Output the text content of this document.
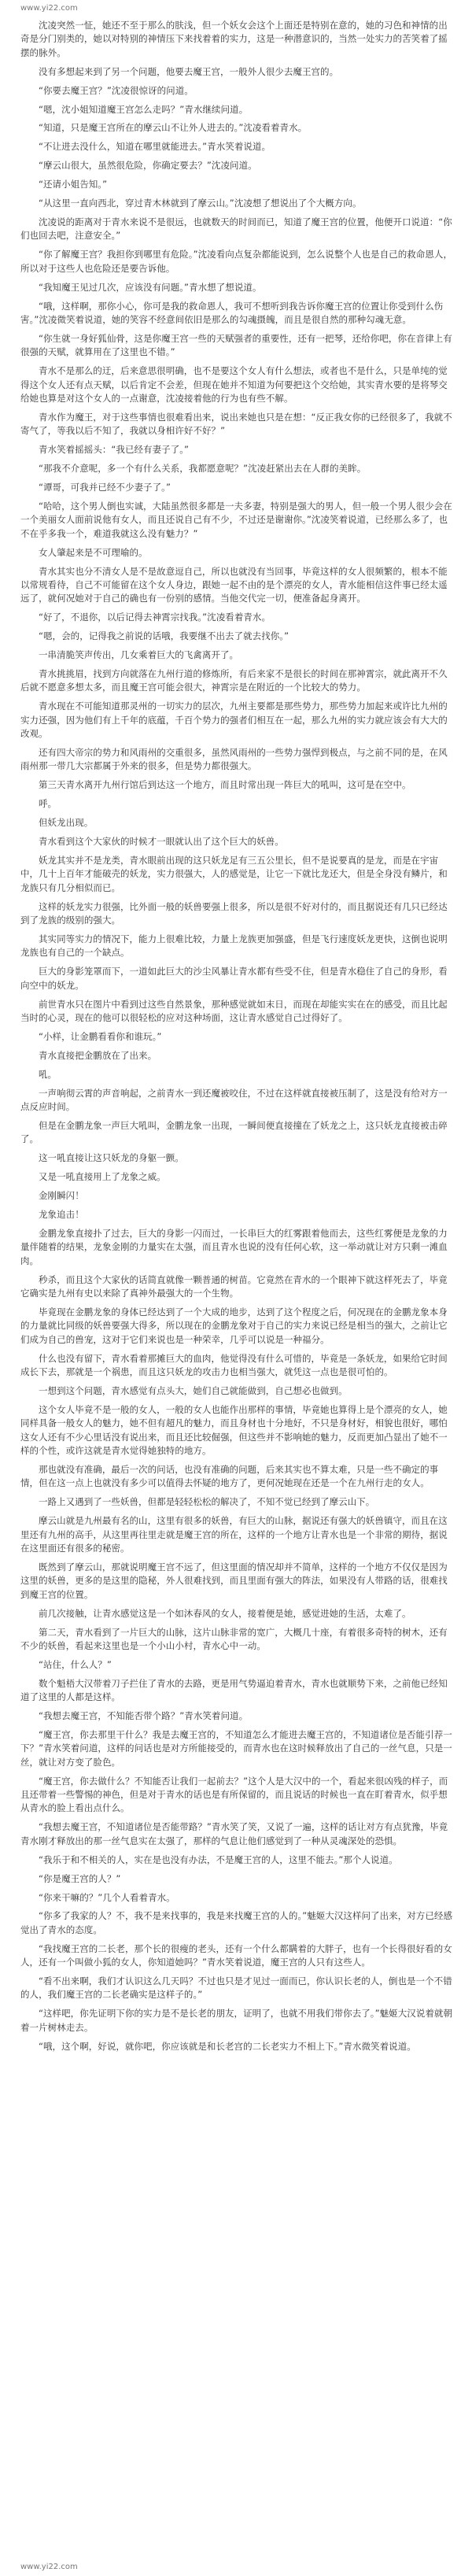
www.yi22.com

沈凌突然一怔，她还不至于那么的肤浅，但一个妖女会这个上面还是特别在意的，她的习色和神情的出奇是分门别类的，她以对特别的神情压下来找着着的实力，这是一种潜意识的，当然一处实力的苦笑着了摇摆的脉外。

没有多想起来到了另一个问题，他要去魔王宫，一般外人很少去魔王宫的。

“你要去魔王宫？”沈凌很惊讶的问道。

“嗯，沈小姐知道魔王宫怎么走吗？”青水继续问道。

“知道，只是魔王宫所在的摩云山不让外人进去的。”沈凌看着青水。

“不让进去没什么，知道在哪里就能进去。”青水笑着说道。

“摩云山很大，虽然很危险，你确定要去？”沈凌问道。

“还请小姐告知。”

“从这里一直向西北，穿过青木林就到了摩云山。”沈凌想了想说出了个大概方向。

沈凌说的距离对于青水来说不是很远，也就数天的时间而已，知道了魔王宫的位置，他便开口说道：“你们也回去吧，注意安全。”

“你了解魔王宫？我担你到哪里有危险。”沈凌看向点复杂都能说到，怎么说整个人也是自己的救命恩人，所以对于这些人也危险还是要告诉他。

“我知魔王见过几次，应该没有问题。”青水想了想说道。

“哦，这样啊，那你小心，你可是我的救命恩人，我可不想听到我告诉你魔王宫的位置让你受到什么伤害。”沈凌微笑着说道，她的笑容不经意间依旧是那么的勾魂摄魄，而且是很自然的那种勾魂无意。

“你生就一身好狐仙骨，这是你魔王宫一些的天赋强者的重要性，还有一把琴，还给你吧，你在音律上有很强的天赋，就算用在了这里也不错。”

青水不是那么的迂，后来意思很明确，也不是要这个女人有什么想法，或者也不是什么，只是单纯的觉得这个女人还有点天赋，以后肯定不会差，但现在她并不知道为何要把这个交给她，其实青水要的是将琴交给她也算是对这个女人的一点谢意，沈凌接着他的行为也有些不解。

青水作为魔王，对于这些事情也很难看出来，说出来她也只是在想：“反正我女你的已经很多了，我就不寄气了，等我以后不知了，我就以身相许好不好？”

青水笑着摇摇头：“我已经有妻子了。”

“那我不介意呢，多一个有什么关系，我都愿意呢？”沈凌赶紧出去在人群的美眸。

“谭哥，可我并已经不少妻子了。”

“哈哈，这个男人倒也实诚，大陆虽然很多都是一夫多妻，特别是强大的男人，但一般一个男人很少会在一个美丽女人面前说他有女人，而且还说自己有不少，不过还是谢谢你。”沈凌笑着说道，已经那么多了，也不在乎多我一个，难道我就这么没有魅力？”

女人肇起来是不可理喻的。

青水其实也分不清女人是不是故意逗自己，所以也就没有当回事，毕竟这样的女人很频繁的，根本不能以常规看待，自己不可能留在这个女人身边，跟她一起不由的是个漂亮的女人，青水能相信这件事已经太遥远了，就何况她对于自己的确也有一份别的感情。当他交代完一切，便准备起身离开。

“好了，不退你，以后记得去神霄宗找我。”沈凌看着青水。

“嗯，会的，记得我之前说的话哦，我要继不出去了就去找你。”

一串清脆笑声传出，几女乘着巨大的飞禽离开了。

青水挑挑眉，找到方向就落在九州行道的修炼所，有后来家不是很长的时间在那神霄宗，就此离开不久后就不愿意多想太多，而且魔王宫可能会很大，神霄宗是在附近的一个比较大的势力。

青水现在不可能知道那灵州的一切实力的层次，九州主要都是那些势力，那些势力加起来或许比九州的实力还强，因为他们有上千年的底蕴，千百个势力的强者们相互在一起，那么九州的实力就应该会有大大的改观。

还有四大帝宗的势力和风雨州的交重很多，虽然风雨州的一些势力强悍到极点，与之前不同的是，在风雨州那一带几大宗都属于外来的很多，但是势力都很强大。

第三天青水离开九州行馆后到达这一个地方，而且时常出现一阵巨大的吼叫，这可是在空中。

呼。

但妖龙出现。

青水看到这个大家伙的时候才一眼就认出了这个巨大的妖兽。

妖龙其实并不是龙类，青水眼前出现的这只妖龙足有三五公里长，但不是说要真的是龙，而是在宇宙中，几十上百年才能破壳的妖龙，实力很强大，人的感觉是，让它一下就比龙还大，但是全身没有鳞片，和龙族只有几分相似而已。

这样的妖龙实力很强，比外面一般的妖兽要强上很多，所以是很不好对付的，而且据说还有几只已经达到了龙族的级别的强大。

其实同等实力的情况下，能力上很难比较，力量上龙族更加强盛，但是飞行速度妖龙更快，这倒也说明龙族也有自己的一个缺点。

巨大的身影笼罩而下，一道如此巨大的沙尘风暴让青水都有些受不住，但是青水稳住了自己的身形，看向空中的妖龙。

前世青水只在图片中看到过这些自然景象，那种感觉就如末日，而现在却能实实在在的感受，而且比起当时的心灵，现在的他可以很轻松的应对这种场面，这让青水感觉自己过得好了。

“小样，让金鹏看看你和谁玩。”

青水直接把金鹏放在了出来。

吼。

一声响彻云霄的声音响起，之前青水一到还魔被咬住，不过在这样就直接被压制了，这是没有给对方一点反应时间。

但是在金鹏龙象一声巨大吼叫，金鹏龙象一出现，一瞬间便直接撞在了妖龙之上，这只妖龙直接被击碎了。

这一吼直接让这只妖龙的身躯一颤。

又是一吼直接用上了龙象之威。

金刚瞬闪！

龙象追击！

金鹏龙象直接扑了过去，巨大的身影一闪而过，一长串巨大的红雾跟着他而去，这些红雾便是龙象的力量伴随着的结果，龙象金刚的力量实在太强，而且青水也说的没有任何心软，这一举动就让对方只剩一滩血肉。

秒杀，而且这个大家伙的话简直就像一颗普通的树苗。它竟然在青水的一个眼神下就这样死去了，毕竟它确实是九州有史以来除了真神外最强大的一个生物。

毕竟现在金鹏龙象的身体已经达到了一个大成的地步，达到了这个程度之后，何况现在的金鹏龙象本身的力量就比同级的妖兽要强大得多，所以现在的金鹏龙象对于自己的实力来说已经是相当的强大，之前让它们成为自己的兽宠，这对于它们来说也是一种荣幸，几乎可以说是一种福分。

什么也没有留下，青水看着那摊巨大的血肉，他觉得没有什么可惜的，毕竟是一条妖龙，如果给它时间成长下去，那就是一个祸患，而且这只妖龙的攻击力也相当强大，就凭这一点也是很可怕的。

一想到这个问题，青水感觉有点头大，她们自己就能做到，自己想必也做到。

这个女人毕竟不是一般的女人，一般的女人也能作出那样的事情，毕竟她也算得上是个漂亮的女人，她同样具备一般女人的魅力，她不但有超凡的魅力，而且身材也十分地好，不只是身材好，相貌也很好，哪怕这女人还有不少心里话没有说出来，而且还比较倔强，但这些并不影响她的魅力，反而更加凸显出了她不一样的个性，或许这就是青水觉得她独特的地方。

那也就没有准确，最后一次的问话，也没有准确的问题，后来其实也不算太难，只是一些不确定的事情，但在这一点上也就没有多少可以值得去怀疑的地方了，更何况她现在还是一个在九州行走的女人。

一路上又遇到了一些妖兽，但都是轻轻松松的解决了，不知不觉已经到了摩云山下。

摩云山就是九州最有名的山，这里有很多的妖兽，有巨大的山脉，据说还有强大的妖兽镇守，而且在这里还有九州的高手，从这里再往里走就是魔王宫的所在，这样的一个地方让青水也是一个非常的期待，据说在这里面还有很多的秘密。

既然到了摩云山，那就说明魔王宫不远了，但这里面的情况却并不简单，这样的一个地方不仅仅是因为这里的妖兽，更多的是这里的隐秘，外人很难找到，而且里面有强大的阵法，如果没有人带路的话，很难找到魔王宫的位置。

前几次接触，让青水感觉这是一个如沐春风的女人，接着便是她，感觉进她的生活，太难了。

第二天，青水看到了一片巨大的山脉，这片山脉非常的宽广，大概几十座，有着很多奇特的树木，还有不少的妖兽，看起来这里也是一个小山小村，青水心中一动。

“站住，什么人？”

数个魁梧大汉带着刀子拦住了青水的去路，更是用气势逼迫着青水，青水也就顺势下来，之前他已经知道了这里的人都是这样。

“我想去魔王宫，不知能否带个路？”青水笑着问道。

“魔王宫，你去那里干什么？我是去魔王宫的，不知道怎么才能进去魔王宫的，不知道诸位是否能引荐一下？”青水笑着问道，这样的问话也是对方所能接受的，而青水也在这时候释放出了自己的一丝气息，只是一丝，就让对方变了脸色。

“魔王宫，你去做什么？不知能否让我们一起前去？”这个人是大汉中的一个，看起来很凶残的样子，而且还带着一些警惕的神色，但是对于青水的话也是有所保留的，而且说话的时候也一直在盯着青水，似乎想从青水的脸上看出点什么。

“我想去魔王宫，不知道诸位是否能带路？”青水笑了笑，又说了一遍，这样的话让对方有点犹豫，毕竟青水刚才释放出的那一丝气息实在太强了，那样的气息让他们感觉到了一种从灵魂深处的恐惧。

“我乐于和不相关的人，实在是也没有办法，不是魔王宫的人，这里不能去。”那个人说道。

“你是魔王宫的人？”

“你来干嘛的？”几个人看着青水。

“你多了我家的人？不，我不是来找事的，我是来找魔王宫的人的。”魅姬大汉这样问了出来，对方已经感觉出了青水的态度。

“我找魔王宫的二长老，那个长的很瘦的老头，还有一个什么都瞒着的大胖子，也有一个长得很好看的女人，还有一个叫做小狐的女人，你知道她吗？”青水笑着说道，魔王宫的人只有这些人。

“看不出来啊，我们才认识这么几天吗？不过也只是才见过一面而已，你认识长老的人，倒也是一个不错的人，我们魔王宫的二长老确实是这样子的。”

“这样吧，你先证明下你的实力是不是长老的朋友，证明了，也就不用我们带你去了。”魅姬大汉说着就朝着一片树林走去。

“哦，这个啊，好说，就你吧，你应该就是和长老宫的二长老实力不相上下。”青水微笑着说道。

www.yi22.com
